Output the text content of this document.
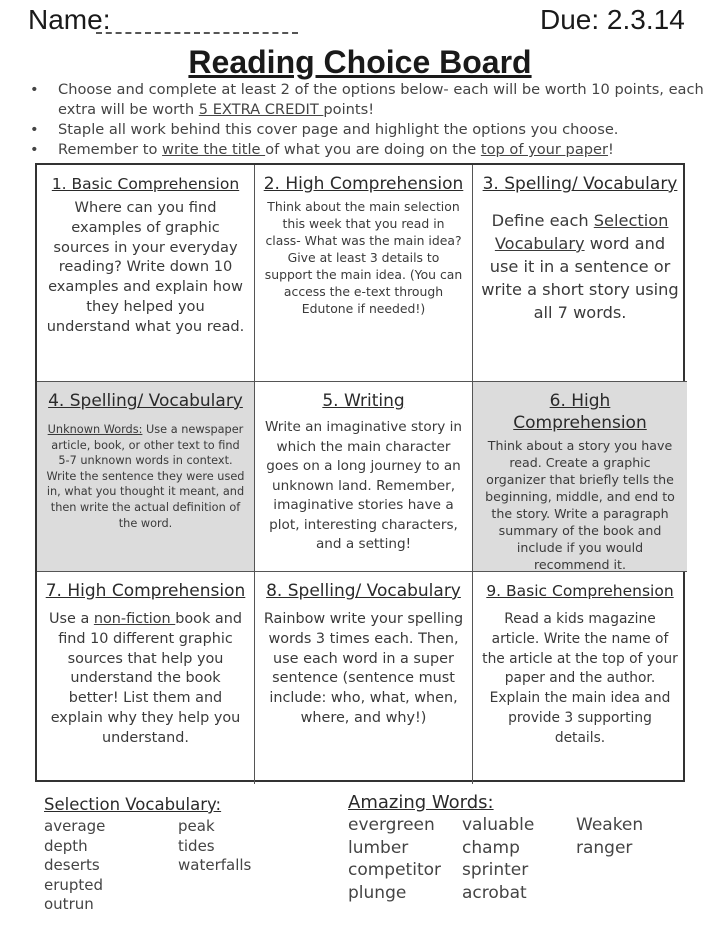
Name:	Due: 2.3.14
Reading Choice Board
• Choose and complete at least 2 of the options below- each will be worth 10 points, each extra will be worth 5 EXTRA CREDIT points!
• Staple all work behind this cover page and highlight the options you choose.
• Remember to write the title of what you are doing on the top of your paper!
1. Basic Comprehension
Where can you find examples of graphic sources in your everyday reading? Write down 10 examples and explain how they helped you understand what you read.
2. High Comprehension
Think about the main selection this week that you read in class- What was the main idea? Give at least 3 details to support the main idea. (You can access the e-text through Edutone if needed!)
3. Spelling/ Vocabulary
Define each Selection Vocabulary word and use it in a sentence or write a short story using all 7 words.
4. Spelling/ Vocabulary
Unknown Words: Use a newspaper article, book, or other text to find 5-7 unknown words in context. Write the sentence they were used in, what you thought it meant, and then write the actual definition of the word.
5. Writing
Write an imaginative story in which the main character goes on a long journey to an unknown land. Remember, imaginative stories have a plot, interesting characters, and a setting!
6. High Comprehension
Think about a story you have read. Create a graphic organizer that briefly tells the beginning, middle, and end to the story. Write a paragraph summary of the book and include if you would recommend it.
7. High Comprehension
Use a non-fiction book and find 10 different graphic sources that help you understand the book better! List them and explain why they help you understand.
8. Spelling/ Vocabulary
Rainbow write your spelling words 3 times each. Then, use each word in a super sentence (sentence must include: who, what, when, where, and why!)
9. Basic Comprehension
Read a kids magazine article. Write the name of the article at the top of your paper and the author. Explain the main idea and provide 3 supporting details.
Selection Vocabulary:
average
depth
deserts
erupted
outrun
peak
tides
waterfalls
Amazing Words:
evergreen
lumber
competitor
plunge
valuable
champ
sprinter
acrobat
Weaken
ranger
